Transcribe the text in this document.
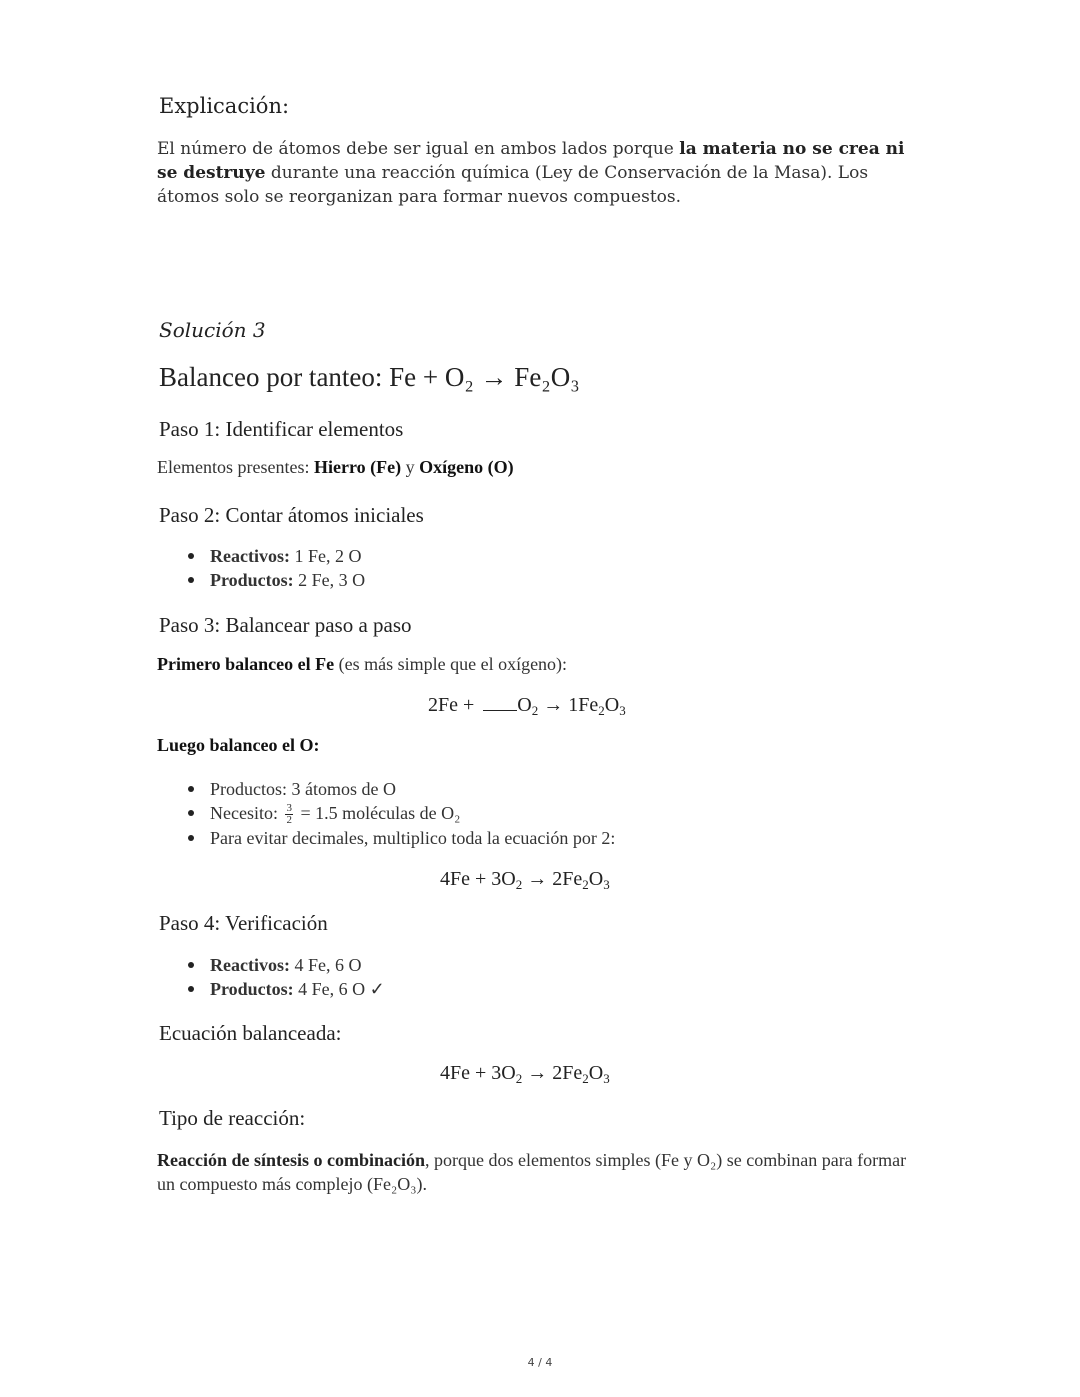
Explicación:

El número de átomos debe ser igual en ambos lados porque la materia no se crea ni se destruye durante una reacción química (Ley de Conservación de la Masa). Los átomos solo se reorganizan para formar nuevos compuestos.

Solución 3
Balanceo por tanteo: Fe + O₂ → Fe₂O₃
Paso 1: Identificar elementos

Elementos presentes: Hierro (Fe) y Oxígeno (O)

Paso 2: Contar átomos iniciales
Reactivos: 1 Fe, 2 O
Productos: 2 Fe, 3 O
Paso 3: Balancear paso a paso

Primero balanceo el Fe (es más simple que el oxígeno):

$2Fe + O_2 \to 1Fe_2O_3$

Luego balanceo el O:

Productos: 3 átomos de O
Necesito: $\frac{3}{2} = 1.5$ moléculas de O₂
Para evitar decimales, multiplico toda la ecuación por 2:
$4Fe + 3O_2 \to 2Fe_2O_3$
Paso 4: Verificación
Reactivos: 4 Fe, 6 O
Productos: 4 Fe, 6 O ✓
Ecuación balanceada:
$4Fe + 3O_2 \to 2Fe_2O_3$
Tipo de reacción:

Reacción de síntesis o combinación, porque dos elementos simples (Fe y O₂) se combinan para formar un compuesto más complejo (Fe₂O₃).

4 / 4
